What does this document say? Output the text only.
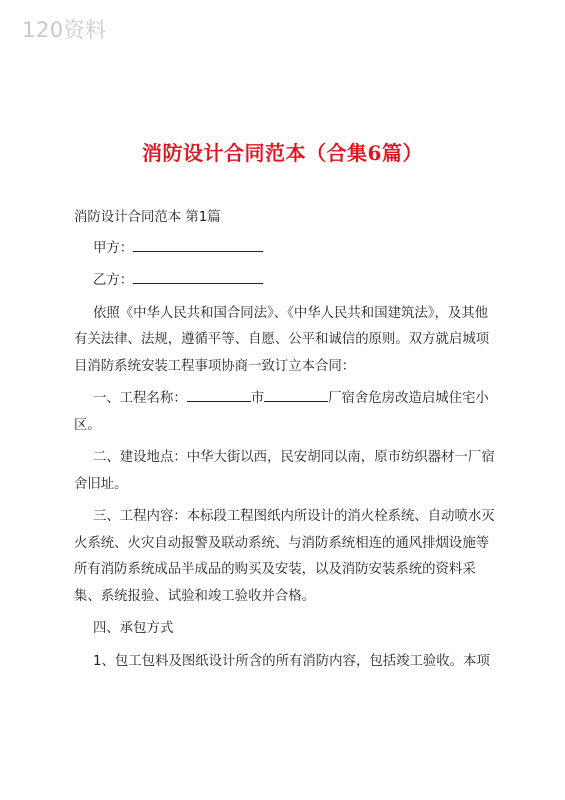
120资料
消防设计合同范本（合集6篇）

消防设计合同范本 第1篇

甲方：

乙方：

依照《中华人民共和国合同法》、《中华人民共和国建筑法》，及其他有关法律、法规，遵循平等、自愿、公平和诚信的原则。双方就启城项目消防系统安装工程事项协商一致订立本合同：

一、工程名称：	市	厂宿舍危房改造启城住宅小区。

二、建设地点：中华大街以西，民安胡同以南，原市纺织器材一厂宿舍旧址。

三、工程内容：本标段工程图纸内所设计的消火栓系统、自动喷水灭火系统、火灾自动报警及联动系统、与消防系统相连的通风排烟设施等所有消防系统成品半成品的购买及安装，以及消防安装系统的资料采集、系统报验、试验和竣工验收并合格。

四、承包方式

1、包工包料及图纸设计所含的所有消防内容，包括竣工验收。本项
